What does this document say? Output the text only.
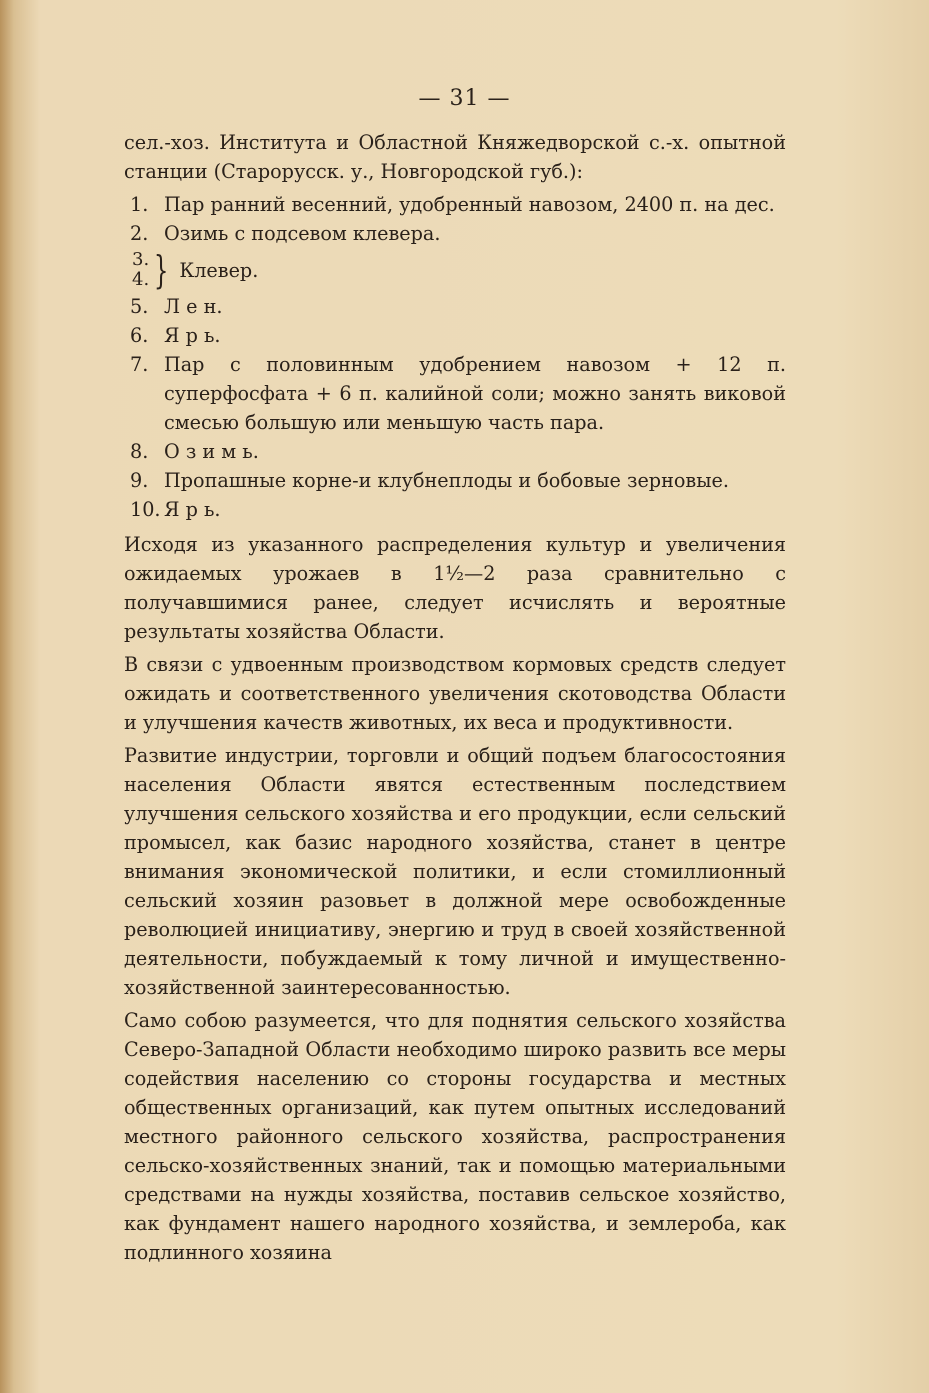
— 31 —

сел.-хоз. Института и Областной Княжедворской с.-х. опытной станции (Старорусск. у., Новгородской губ.):

1. Пар ранний весенний, удобренный навозом, 2400 п. на дес.
2. Озимь с подсевом клевера.
3.
4. } Клевер.
5. Л е н.
6. Я р ь.
7. Пар с половинным удобрением навозом + 12 п. суперфосфата + 6 п. калийной соли; можно занять виковой смесью большую или меньшую часть пара.
8. О з и м ь.
9. Пропашные корне-и клубнеплоды и бобовые зерновые.
10. Я р ь.

Исходя из указанного распределения культур и увеличения ожидаемых урожаев в 1½—2 раза сравнительно с получавшимися ранее, следует исчислять и вероятные результаты хозяйства Области.

В связи с удвоенным производством кормовых средств следует ожидать и соответственного увеличения скотоводства Области и улучшения качеств животных, их веса и продуктивности.

Развитие индустрии, торговли и общий подъем благосостояния населения Области явятся естественным последствием улучшения сельского хозяйства и его продукции, если сельский промысел, как базис народного хозяйства, станет в центре внимания экономической политики, и если стомиллионный сельский хозяин разовьет в должной мере освобожденные революцией инициативу, энергию и труд в своей хозяйственной деятельности, побуждаемый к тому личной и имущественно-хозяйственной заинтересованностью.

Само собою разумеется, что для поднятия сельского хозяйства Северо-Западной Области необходимо широко развить все меры содействия населению со стороны государства и местных общественных организаций, как путем опытных исследований местного районного сельского хозяйства, распространения сельско-хозяйственных знаний, так и помощью материальными средствами на нужды хозяйства, поставив сельское хозяйство, как фундамент нашего народного хозяйства, и землероба, как подлинного хозяина
